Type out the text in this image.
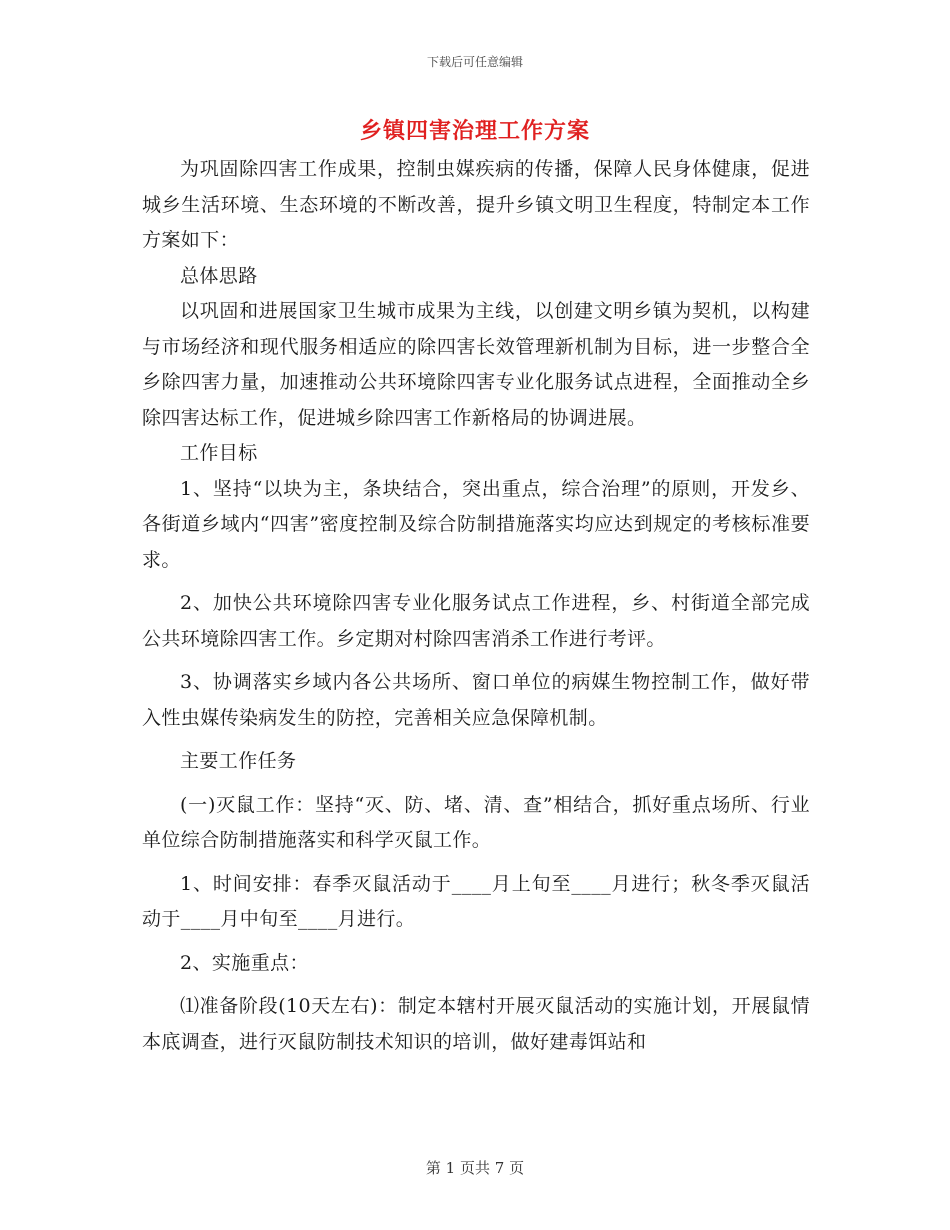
下载后可任意编辑
乡镇四害治理工作方案

为巩固除四害工作成果，控制虫媒疾病的传播，保障人民身体健康，促进城乡生活环境、生态环境的不断改善，提升乡镇文明卫生程度，特制定本工作方案如下：

总体思路

以巩固和进展国家卫生城市成果为主线，以创建文明乡镇为契机，以构建与市场经济和现代服务相适应的除四害长效管理新机制为目标，进一步整合全乡除四害力量，加速推动公共环境除四害专业化服务试点进程，全面推动全乡除四害达标工作，促进城乡除四害工作新格局的协调进展。

工作目标

1、坚持“以块为主，条块结合，突出重点，综合治理”的原则，开发乡、各街道乡域内“四害”密度控制及综合防制措施落实均应达到规定的考核标准要求。

2、加快公共环境除四害专业化服务试点工作进程，乡、村街道全部完成公共环境除四害工作。乡定期对村除四害消杀工作进行考评。

3、协调落实乡域内各公共场所、窗口单位的病媒生物控制工作，做好带入性虫媒传染病发生的防控，完善相关应急保障机制。

主要工作任务

(一)灭鼠工作：坚持“灭、防、堵、清、查”相结合，抓好重点场所、行业单位综合防制措施落实和科学灭鼠工作。

1、时间安排：春季灭鼠活动于____月上旬至____月进行；秋冬季灭鼠活动于____月中旬至____月进行。

2、实施重点：

⑴准备阶段(10天左右)：制定本辖村开展灭鼠活动的实施计划，开展鼠情本底调查，进行灭鼠防制技术知识的培训，做好建毒饵站和

第 1 页共 7 页
